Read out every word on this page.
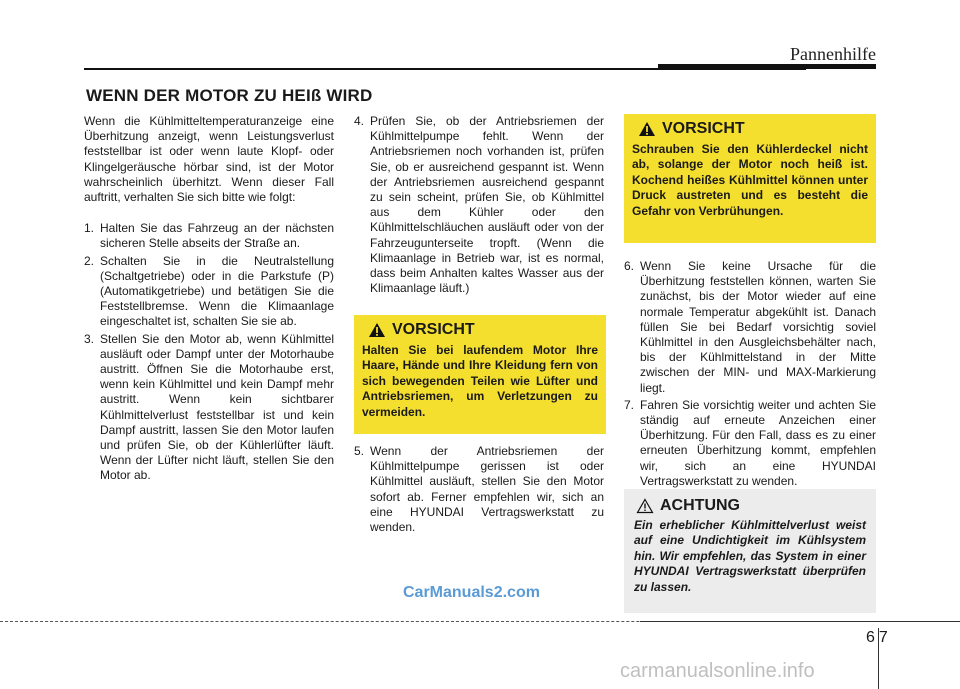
Pannenhilfe
WENN DER MOTOR ZU HEIß WIRD

Wenn die Kühlmitteltemperaturanzeige eine Überhitzung anzeigt, wenn Leistungsverlust feststellbar ist oder wenn laute Klopf- oder Klingelgeräusche hörbar sind, ist der Motor wahrscheinlich überhitzt. Wenn dieser Fall auftritt, verhalten Sie sich bitte wie folgt:

1. Halten Sie das Fahrzeug an der nächsten sicheren Stelle abseits der Straße an.
2. Schalten Sie in die Neutralstellung (Schaltgetriebe) oder in die Parkstufe (P) (Automatikgetriebe) und betätigen Sie die Feststellbremse. Wenn die Klimaanlage eingeschaltet ist, schalten Sie sie ab.
3. Stellen Sie den Motor ab, wenn Kühlmittel ausläuft oder Dampf unter der Motorhaube austritt. Öffnen Sie die Motorhaube erst, wenn kein Kühlmittel und kein Dampf mehr austritt. Wenn kein sichtbarer Kühlmittelverlust feststellbar ist und kein Dampf austritt, lassen Sie den Motor laufen und prüfen Sie, ob der Kühlerlüfter läuft. Wenn der Lüfter nicht läuft, stellen Sie den Motor ab.
4. Prüfen Sie, ob der Antriebsriemen der Kühlmittelpumpe fehlt. Wenn der Antriebsriemen noch vorhanden ist, prüfen Sie, ob er ausreichend gespannt ist. Wenn der Antriebsriemen ausreichend gespannt zu sein scheint, prüfen Sie, ob Kühlmittel aus dem Kühler oder den Kühlmittelschläuchen ausläuft oder von der Fahrzeugunterseite tropft. (Wenn die Klimaanlage in Betrieb war, ist es normal, dass beim Anhalten kaltes Wasser aus der Klimaanlage läuft.)
VORSICHT
Halten Sie bei laufendem Motor Ihre Haare, Hände und Ihre Kleidung fern von sich bewegenden Teilen wie Lüfter und Antriebsriemen, um Verletzungen zu vermeiden.
5. Wenn der Antriebsriemen der Kühlmittelpumpe gerissen ist oder Kühlmittel ausläuft, stellen Sie den Motor sofort ab. Ferner empfehlen wir, sich an eine HYUNDAI Vertragswerkstatt zu wenden.
VORSICHT
Schrauben Sie den Kühlerdeckel nicht ab, solange der Motor noch heiß ist. Kochend heißes Kühlmittel können unter Druck austreten und es besteht die Gefahr von Verbrühungen.
6. Wenn Sie keine Ursache für die Überhitzung feststellen können, warten Sie zunächst, bis der Motor wieder auf eine normale Temperatur abgekühlt ist. Danach füllen Sie bei Bedarf vorsichtig soviel Kühlmittel in den Ausgleichsbehälter nach, bis der Kühlmittelstand in der Mitte zwischen der MIN- und MAX-Markierung liegt.
7. Fahren Sie vorsichtig weiter und achten Sie ständig auf erneute Anzeichen einer Überhitzung. Für den Fall, dass es zu einer erneuten Überhitzung kommt, empfehlen wir, sich an eine HYUNDAI Vertragswerkstatt zu wenden.
ACHTUNG
Ein erheblicher Kühlmittelverlust weist auf eine Undichtigkeit im Kühlsystem hin. Wir empfehlen, das System in einer HYUNDAI Vertragswerkstatt überprüfen zu lassen.
CarManuals2.com
67
carmanualsonline.info
